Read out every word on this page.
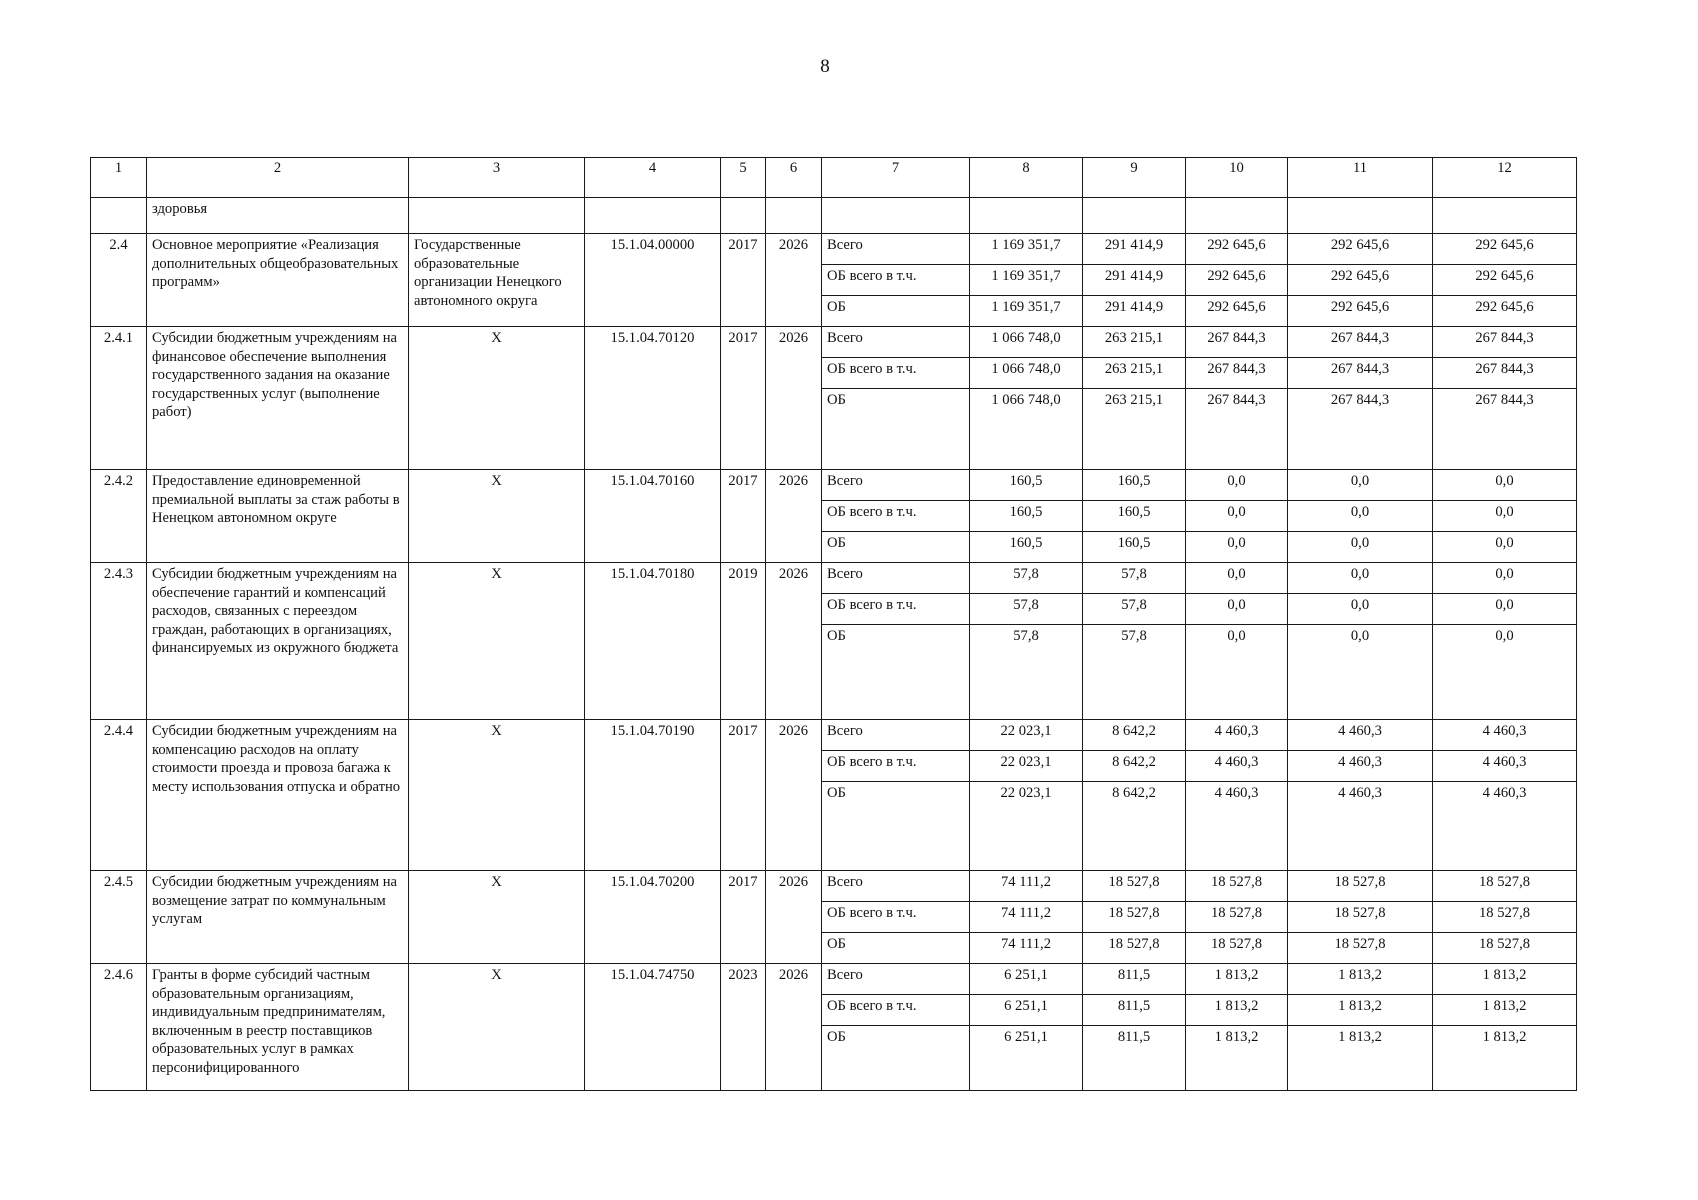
8
1	2	3	4	5	6	7	8	9	10	11	12
	здоровья										
2.4	Основное мероприятие «Реализация дополнительных общеобразовательных программ»	Государственные образовательные организации Ненецкого автономного округа	15.1.04.00000	2017	2026	Всего	1 169 351,7	291 414,9	292 645,6	292 645,6	292 645,6
						ОБ всего в т.ч.	1 169 351,7	291 414,9	292 645,6	292 645,6	292 645,6
						ОБ	1 169 351,7	291 414,9	292 645,6	292 645,6	292 645,6
2.4.1	Субсидии бюджетным учреждениям на финансовое обеспечение выполнения государственного задания на оказание государственных услуг (выполнение работ)	X	15.1.04.70120	2017	2026	Всего	1 066 748,0	263 215,1	267 844,3	267 844,3	267 844,3
						ОБ всего в т.ч.	1 066 748,0	263 215,1	267 844,3	267 844,3	267 844,3
						ОБ	1 066 748,0	263 215,1	267 844,3	267 844,3	267 844,3
2.4.2	Предоставление единовременной премиальной выплаты за стаж работы в Ненецком автономном округе	X	15.1.04.70160	2017	2026	Всего	160,5	160,5	0,0	0,0	0,0
						ОБ всего в т.ч.	160,5	160,5	0,0	0,0	0,0
						ОБ	160,5	160,5	0,0	0,0	0,0
2.4.3	Субсидии бюджетным учреждениям на обеспечение гарантий и компенсаций расходов, связанных с переездом граждан, работающих в организациях, финансируемых из окружного бюджета	X	15.1.04.70180	2019	2026	Всего	57,8	57,8	0,0	0,0	0,0
						ОБ всего в т.ч.	57,8	57,8	0,0	0,0	0,0
						ОБ	57,8	57,8	0,0	0,0	0,0
2.4.4	Субсидии бюджетным учреждениям на компенсацию расходов на оплату стоимости проезда и провоза багажа к месту использования отпуска и обратно	X	15.1.04.70190	2017	2026	Всего	22 023,1	8 642,2	4 460,3	4 460,3	4 460,3
						ОБ всего в т.ч.	22 023,1	8 642,2	4 460,3	4 460,3	4 460,3
						ОБ	22 023,1	8 642,2	4 460,3	4 460,3	4 460,3
2.4.5	Субсидии бюджетным учреждениям на возмещение затрат по коммунальным услугам	X	15.1.04.70200	2017	2026	Всего	74 111,2	18 527,8	18 527,8	18 527,8	18 527,8
						ОБ всего в т.ч.	74 111,2	18 527,8	18 527,8	18 527,8	18 527,8
						ОБ	74 111,2	18 527,8	18 527,8	18 527,8	18 527,8
2.4.6	Гранты в форме субсидий частным образовательным организациям, индивидуальным предпринимателям, включенным в реестр поставщиков образовательных услуг в рамках персонифицированного	X	15.1.04.74750	2023	2026	Всего	6 251,1	811,5	1 813,2	1 813,2	1 813,2
						ОБ всего в т.ч.	6 251,1	811,5	1 813,2	1 813,2	1 813,2
						ОБ	6 251,1	811,5	1 813,2	1 813,2	1 813,2
